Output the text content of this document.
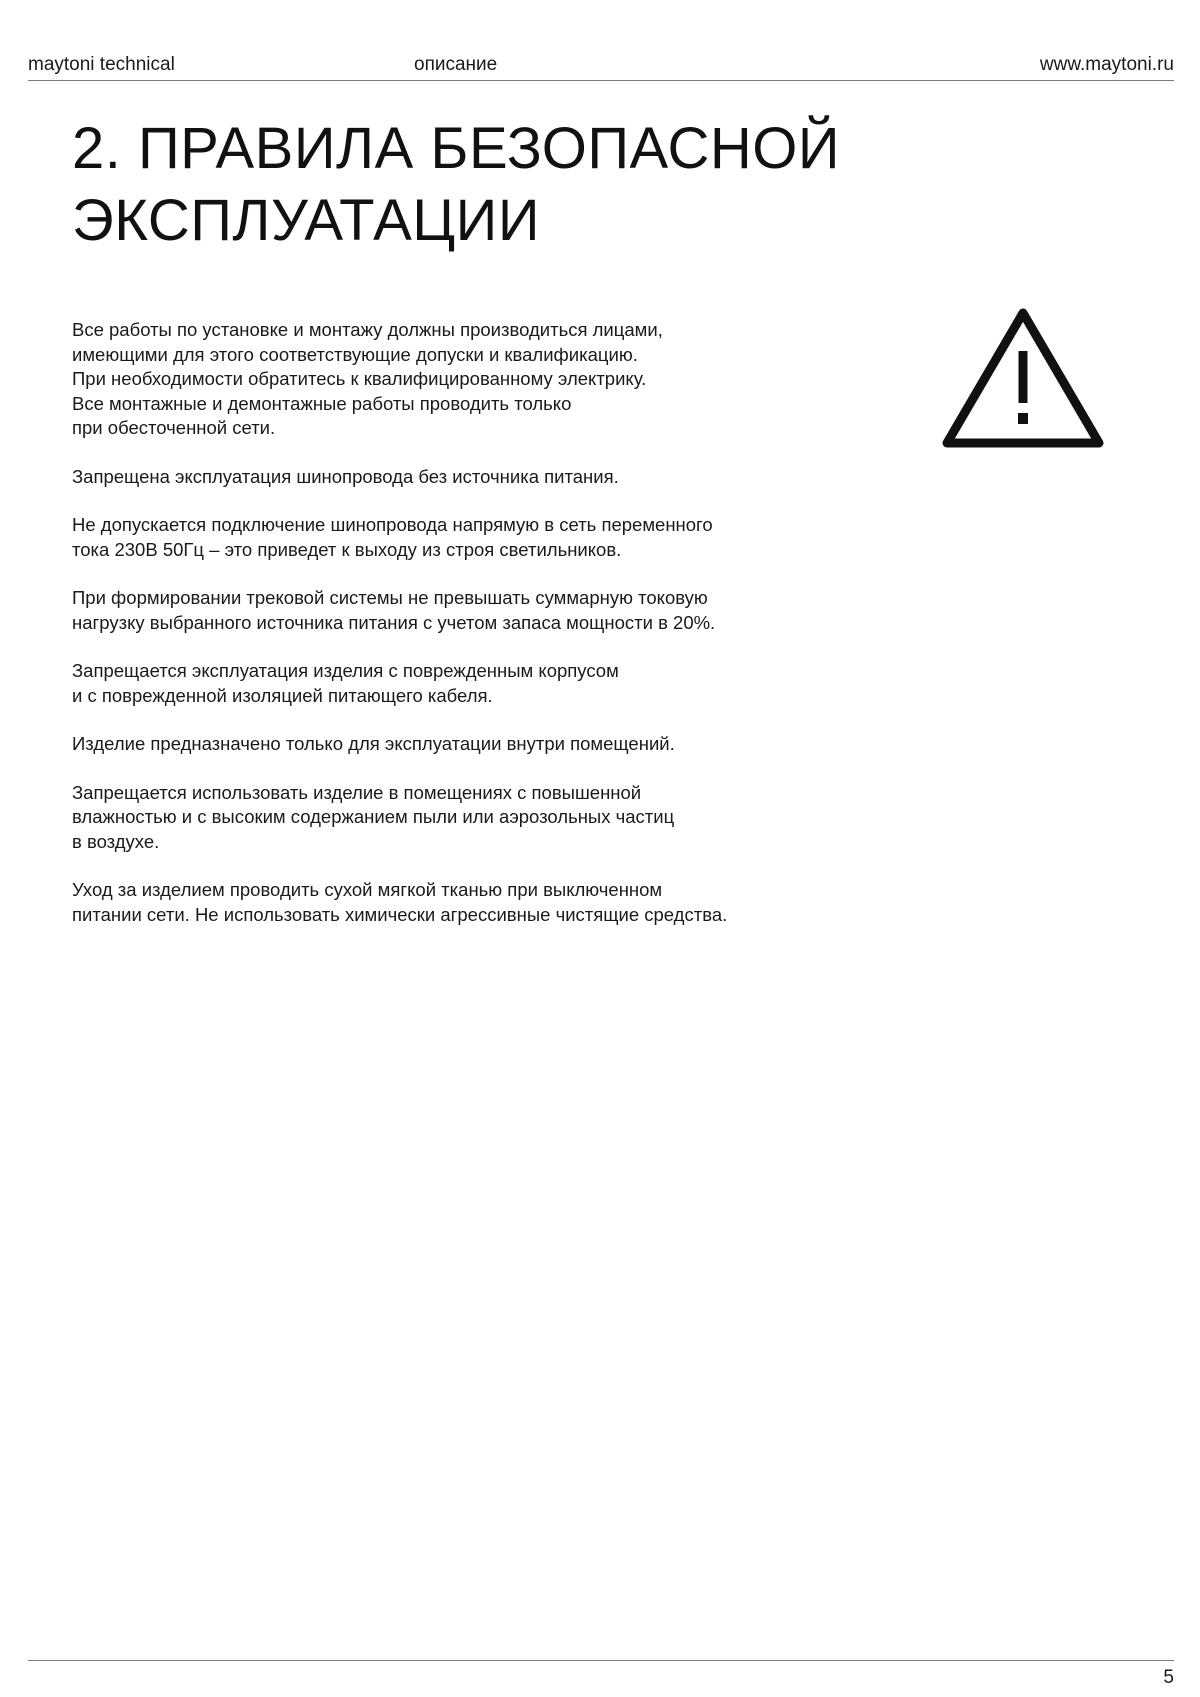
maytoni technical	описание	www.maytoni.ru
2. ПРАВИЛА БЕЗОПАСНОЙ
ЭКСПЛУАТАЦИИ

Все работы по установке и монтажу должны производиться лицами,
имеющими для этого соответствующие допуски и квалификацию.
При необходимости обратитесь к квалифицированному электрику.
Все монтажные и демонтажные работы проводить только
при обесточенной сети.

Запрещена эксплуатация шинопровода без источника питания.

Не допускается подключение шинопровода напрямую в сеть переменного
тока 230В 50Гц – это приведет к выходу из строя светильников.

При формировании трековой системы не превышать суммарную токовую
нагрузку выбранного источника питания с учетом запаса мощности в 20%.

Запрещается эксплуатация изделия с поврежденным корпусом
и с поврежденной изоляцией питающего кабеля.

Изделие предназначено только для эксплуатации внутри помещений.

Запрещается использовать изделие в помещениях с повышенной
влажностью и с высоким содержанием пыли или аэрозольных частиц
в воздухе.

Уход за изделием проводить сухой мягкой тканью при выключенном
питании сети. Не использовать химически агрессивные чистящие средства.

5
